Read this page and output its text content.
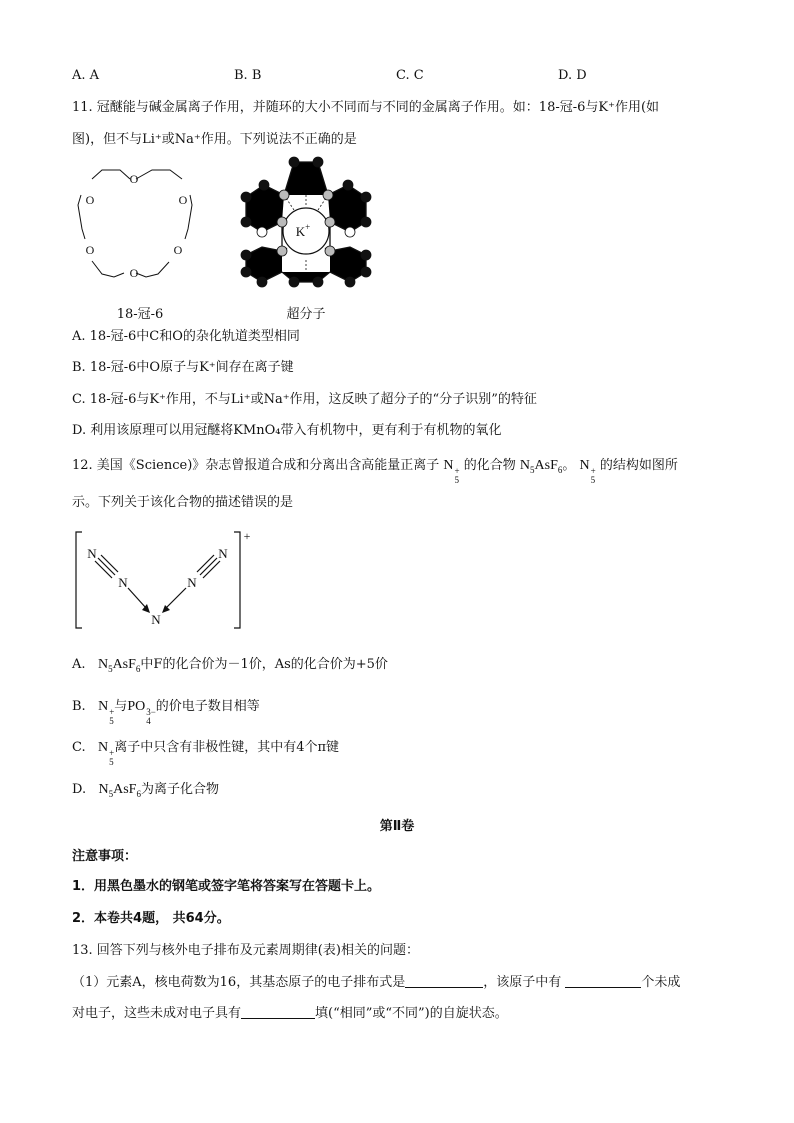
A. A	B. B	C. C	D. D
11. 冠醚能与碱金属离子作用，并随环的大小不同而与不同的金属离子作用。如：18-冠-6与K⁺作用(如
图)，但不与Li⁺或Na⁺作用。下列说法不正确的是
O
O
O
O
O
O
18-冠-6
K+
超分子
A. 18-冠-6中C和O的杂化轨道类型相同
B. 18-冠-6中O原子与K⁺间存在离子键
C. 18-冠-6与K⁺作用，不与Li⁺或Na⁺作用，这反映了超分子的“分子识别”的特征
D. 利用该原理可以用冠醚将KMnO₄带入有机物中，更有利于有机物的氧化
12. 美国《Science)》杂志曾报道合成和分离出含高能量正离子 N +
5
的化合物 $N_5AsF_6$。 N +
5
的结构如图所
示。下列关于该化合物的描述错误的是
N
N
N
N
N
+
A. $N_5AsF_6$中F的化合价为－1价，As的化合价为+5价
B. N +
5
与PO 3−
4
的价电子数目相等
C. N +
5
离子中只含有非极性键，其中有4个π键
D. $N_5AsF_6$为离子化合物
第Ⅱ卷
注意事项：
1．用黑色墨水的钢笔或签字笔将答案写在答题卡上。
2．本卷共4题， 共64分。
13. 回答下列与核外电子排布及元素周期律(表)相关的问题：
（1）元素A，核电荷数为16，其基态原子的电子排布式是	，该原子中有	个未成
对电子，这些未成对电子具有	填(“相同”或“不同”)的自旋状态。
